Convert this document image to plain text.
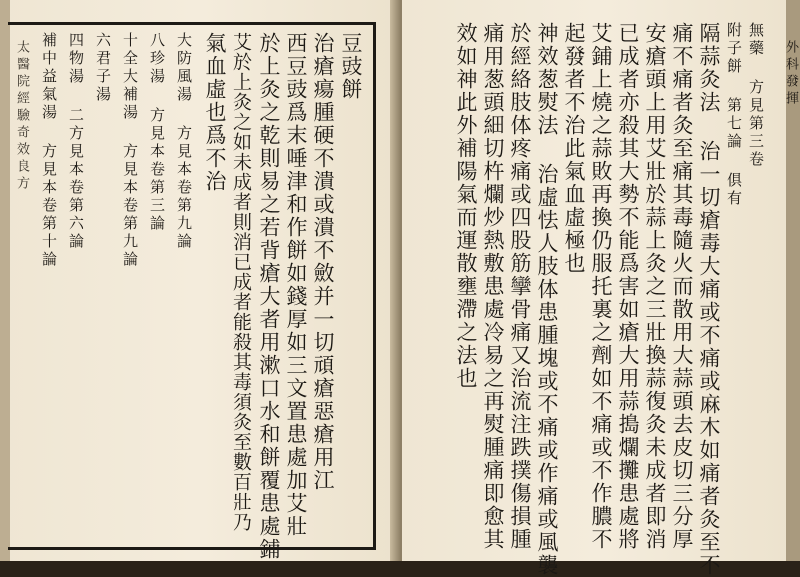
太醫院經驗奇效良方	豆豉餅
治瘡瘍腫硬不潰或潰不斂并一切頑瘡惡瘡用江
西豆豉爲末唾津和作餅如錢厚如三文置患處加艾壯
於上灸之乾則易之若背瘡大者用漱口水和餅覆患處鋪
艾於上灸之如未成者則消已成者能殺其毒須灸至數百壯乃
氣血虛也爲不治
大防風湯 方見本卷第九論
八珍湯 方見本卷第三論
十全大補湯 方見本卷第九論
六君子湯
四物湯 二方見本卷第六論
補中益氣湯 方見本卷第十論	無藥 方見第三卷
附子餅 第七論 俱有
隔蒜灸法 治一切瘡毒大痛或不痛或麻木如痛者灸至不
痛不痛者灸至痛其毒隨火而散用大蒜頭去皮切三分厚
安瘡頭上用艾壯於蒜上灸之三壯換蒜復灸未成者即消
已成者亦殺其大勢不能爲害如瘡大用蒜搗爛攤患處將
艾鋪上燒之蒜敗再換仍服托裏之劑如不痛或不作膿不
起發者不治此氣血虛極也
神效葱熨法 治虛怯人肢体患腫塊或不痛或作痛或風襲
於經絡肢体疼痛或四股筋攣骨痛又治流注跌撲傷損腫
痛用葱頭細切杵爛炒熱敷患處冷易之再熨腫痛即愈其
效如神此外補陽氣而運散壅滯之法也	外科發揮
